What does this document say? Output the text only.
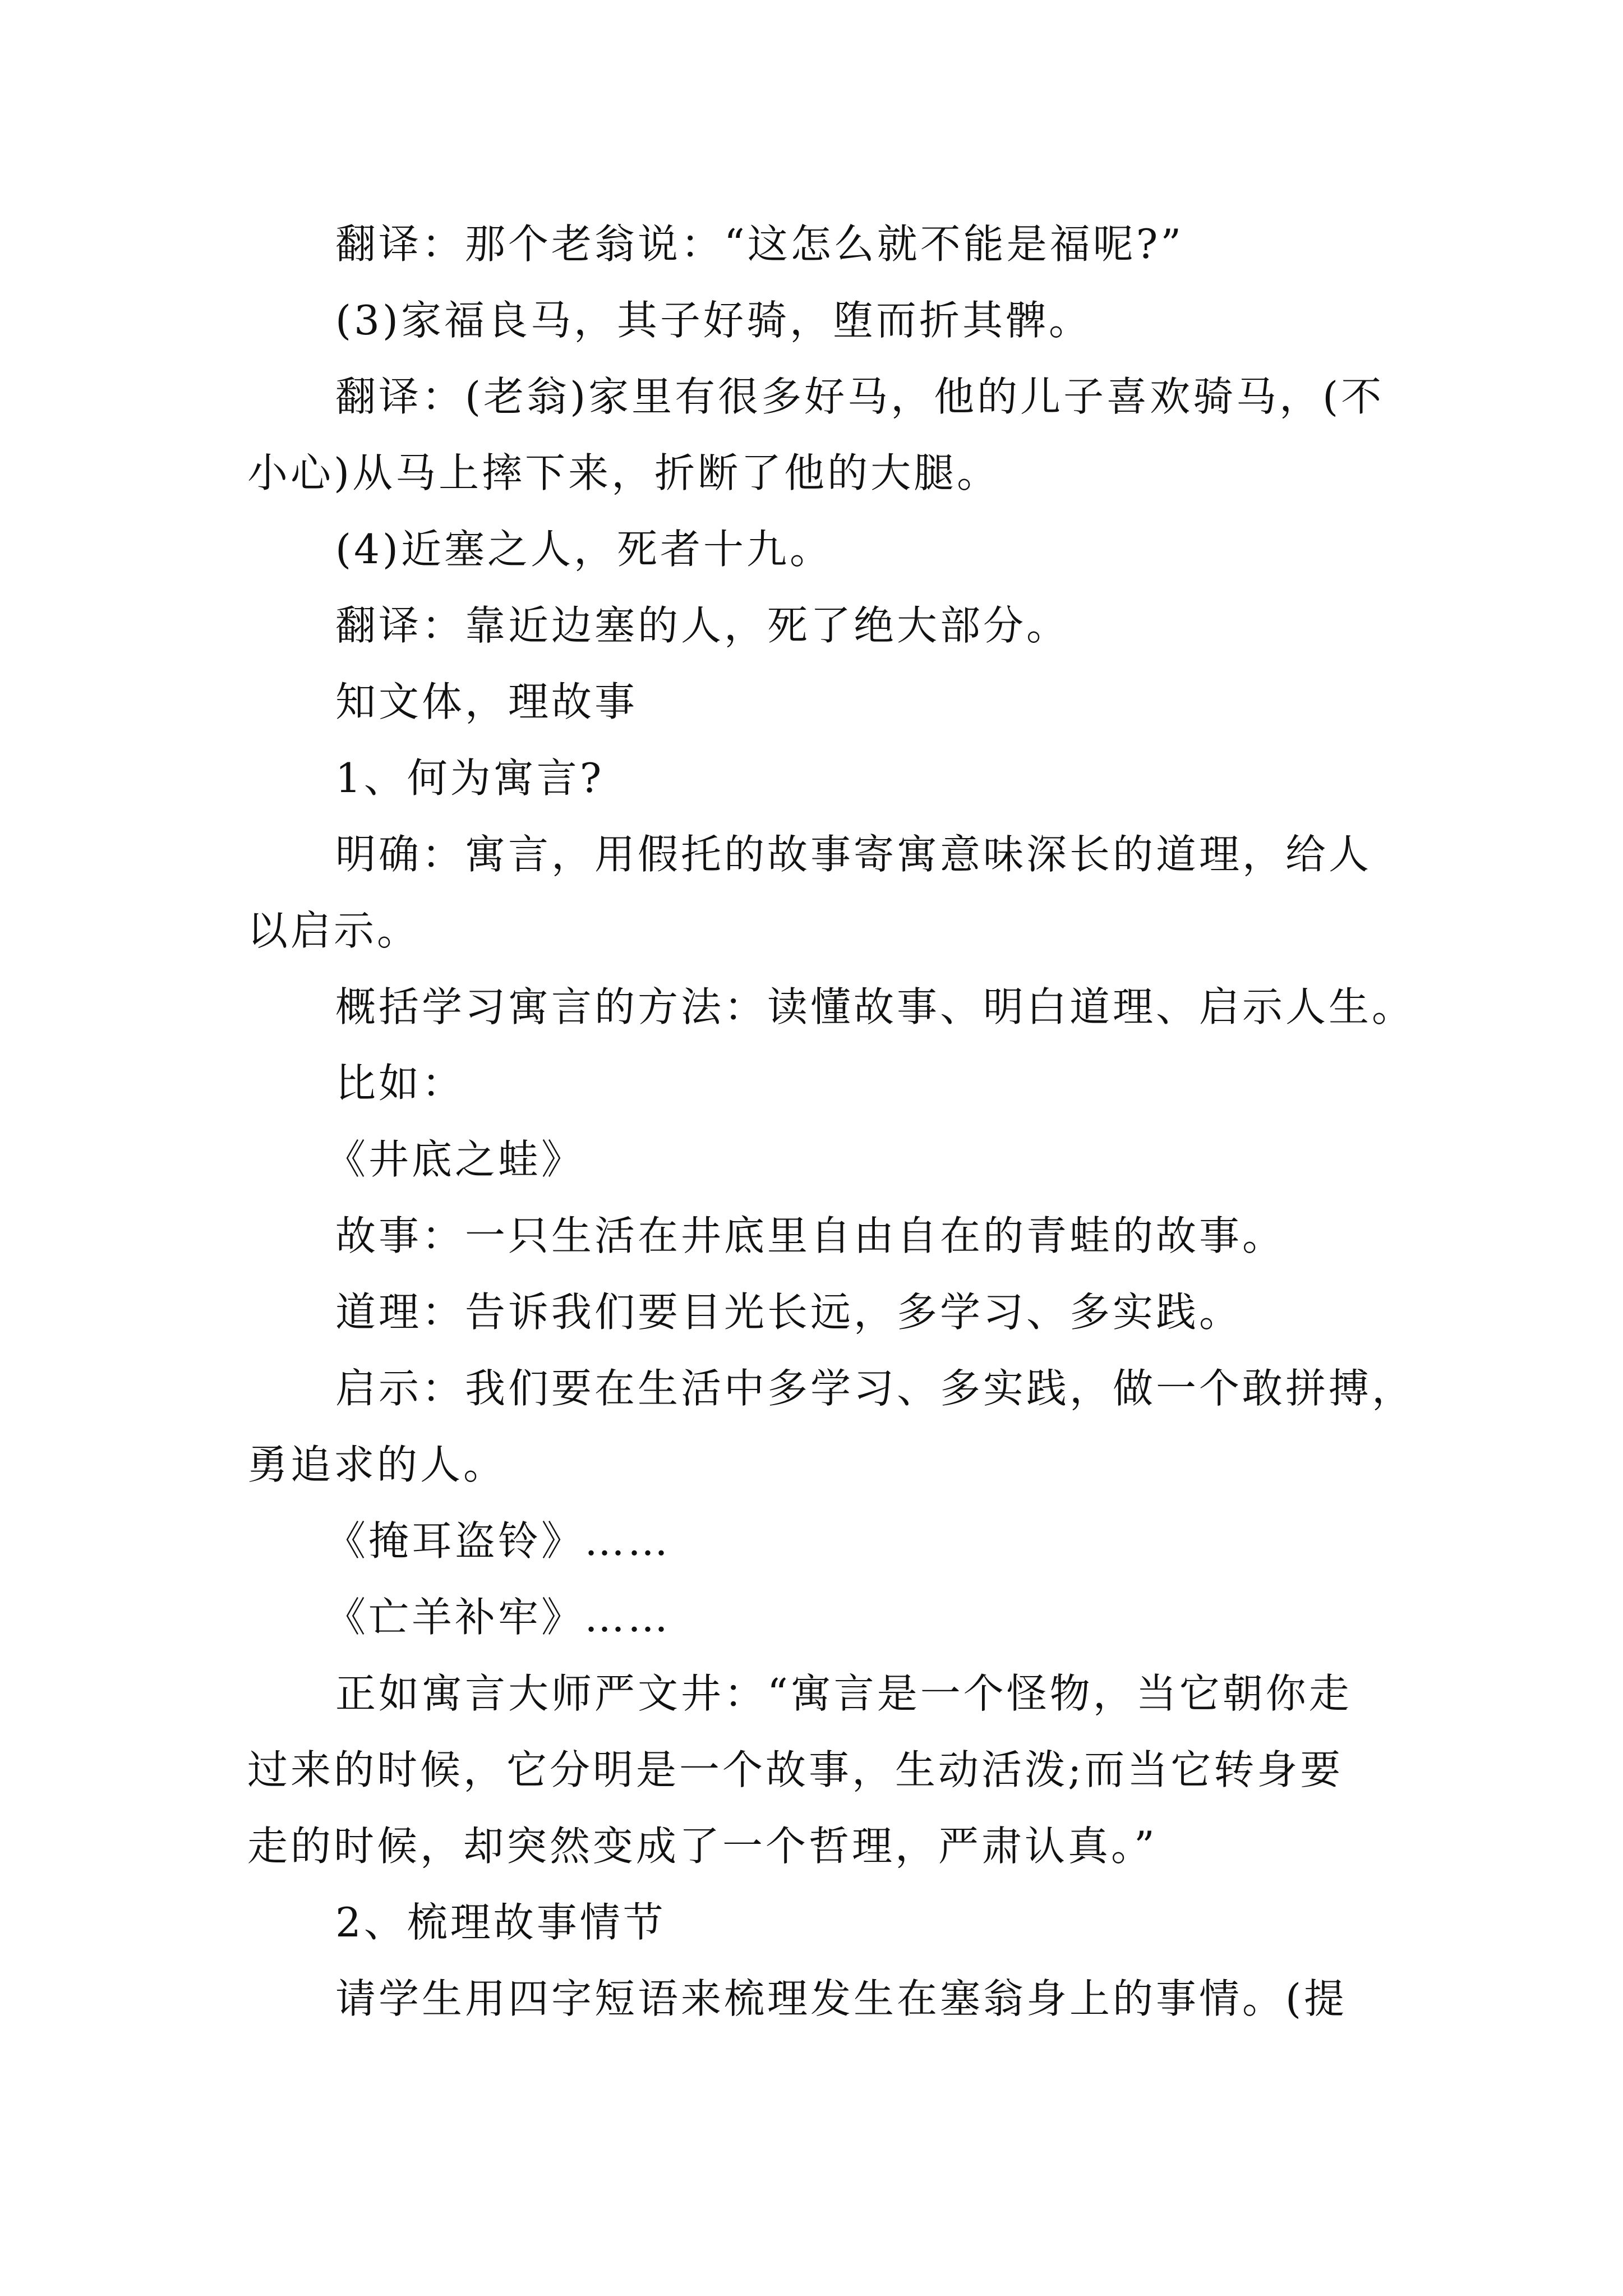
翻译：那个老翁说：“这怎么就不能是福呢?”
(3)家福良马，其子好骑，堕而折其髀。
翻译：(老翁)家里有很多好马，他的儿子喜欢骑马，(不
小心)从马上摔下来，折断了他的大腿。
(4)近塞之人，死者十九。
翻译：靠近边塞的人，死了绝大部分。
知文体，理故事
1、何为寓言?
明确：寓言，用假托的故事寄寓意味深长的道理，给人
以启示。
概括学习寓言的方法：读懂故事、明白道理、启示人生。
比如：
《井底之蛙》
故事：一只生活在井底里自由自在的青蛙的故事。
道理：告诉我们要目光长远，多学习、多实践。
启示：我们要在生活中多学习、多实践，做一个敢拼搏，
勇追求的人。
《掩耳盗铃》……
《亡羊补牢》……
正如寓言大师严文井：“寓言是一个怪物，当它朝你走
过来的时候，它分明是一个故事，生动活泼;而当它转身要
走的时候，却突然变成了一个哲理，严肃认真。”
2、梳理故事情节
请学生用四字短语来梳理发生在塞翁身上的事情。(提
